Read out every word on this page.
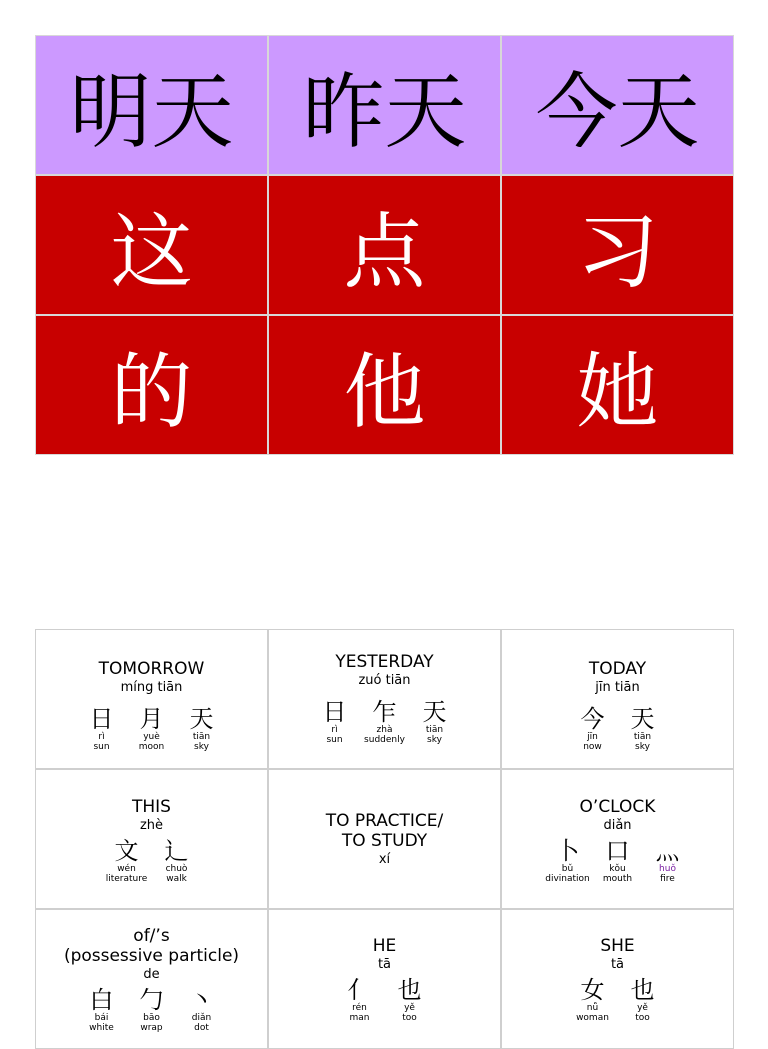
明天 昨天 今天
这	点	习
的	他	她
TOMORROW
míng tiān
日
rì
sun
月
yuè
moon
天
tiān
sky
YESTERDAY
zuó tiān
日
rì
sun
乍
zhà
suddenly
天
tiān
sky
TODAY
jīn tiān
今
jīn
now
天
tiān
sky
THIS
zhè
文
wén
literature
辶
chuò
walk
TO PRACTICE/
TO STUDY
xí
O’CLOCK
diǎn
卜
bǔ
divination
口
kǒu
mouth
灬
huǒ
fire
of/’s
(possessive particle)
de
白
bái
white
勹
bāo
wrap
丶
diǎn
dot
HE
tā
亻
rén
man
也
yě
too
SHE
tā
女
nǚ
woman
也
yě
too
